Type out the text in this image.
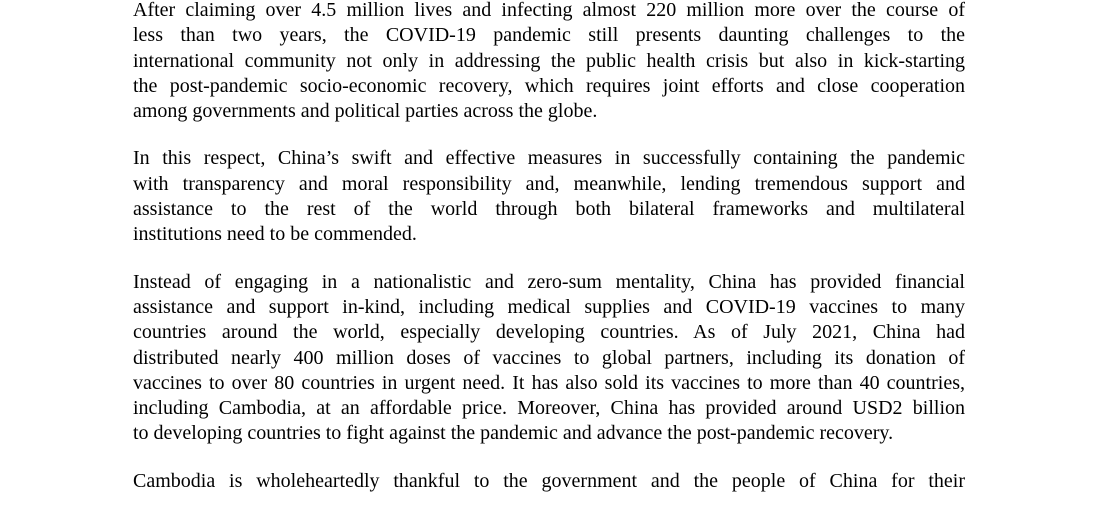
After claiming over 4.5 million lives and infecting almost 220 million more over the course of
less than two years, the COVID-19 pandemic still presents daunting challenges to the
international community not only in addressing the public health crisis but also in kick-starting
the post-pandemic socio-economic recovery, which requires joint efforts and close cooperation
among governments and political parties across the globe.
In this respect, China’s swift and effective measures in successfully containing the pandemic
with transparency and moral responsibility and, meanwhile, lending tremendous support and
assistance to the rest of the world through both bilateral frameworks and multilateral
institutions need to be commended.
Instead of engaging in a nationalistic and zero-sum mentality, China has provided financial
assistance and support in-kind, including medical supplies and COVID-19 vaccines to many
countries around the world, especially developing countries. As of July 2021, China had
distributed nearly 400 million doses of vaccines to global partners, including its donation of
vaccines to over 80 countries in urgent need. It has also sold its vaccines to more than 40 countries,
including Cambodia, at an affordable price. Moreover, China has provided around USD2 billion
to developing countries to fight against the pandemic and advance the post-pandemic recovery.
Cambodia is wholeheartedly thankful to the government and the people of China for their
